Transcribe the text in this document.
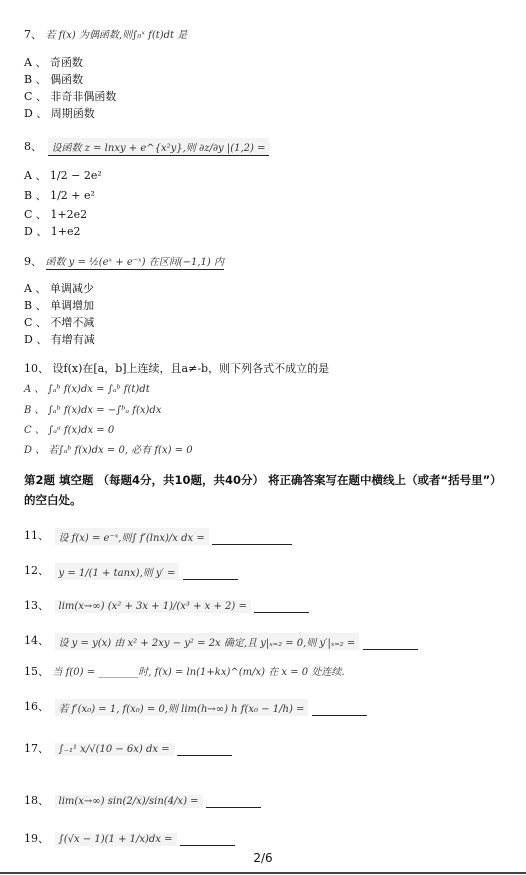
7、 若 f(x) 为偶函数,则∫₀ˣ f(t)dt 是
A 、 奇函数
B 、 偶函数
C 、 非奇非偶函数
D 、 周期函数
8、 设函数 z = lnxy + e^{x²y},则 ∂z/∂y |(1,2) =
A 、 1/2 − 2e²
B 、 1/2 + e²
C 、 1+2e2
D 、 1+e2
9、 函数 y = ½(eˣ + e⁻ˣ) 在区间(−1,1) 内
A 、 单调减少
B 、 单调增加
C 、 不增不减
D 、 有增有减
10、 设f(x)在[a，b]上连续，且a≠-b，则下列各式不成立的是
A 、 ∫ₐᵇ f(x)dx = ∫ₐᵇ f(t)dt
B 、 ∫ₐᵇ f(x)dx = −∫ᵇₐ f(x)dx
C 、 ∫ₐᵃ f(x)dx = 0
D 、 若∫ₐᵇ f(x)dx = 0, 必有 f(x) = 0
第2题 填空题 （每题4分，共10题，共40分） 将正确答案写在题中横线上（或者“括号里”）的空白处。
11、 设 f(x) = e⁻ˣ,则∫ f′(lnx)/x dx =
12、 y = 1/(1 + tanx),则 y′ =
13、 lim(x→∞) (x² + 3x + 1)/(x³ + x + 2) =
14、 设 y = y(x) 由 x² + 2xy − y² = 2x 确定,且 y|ₓ₌₂ = 0,则 y′|ₓ₌₂ =
15、 当 f(0) = ________时, f(x) = ln(1+kx)^(m/x) 在 x = 0 处连续.
16、 若 f′(x₀) = 1, f(x₀) = 0,则 lim(h→∞) h f(x₀ − 1/h) =
17、 ∫₋₁¹ x/√(10 − 6x) dx =
18、 lim(x→∞) sin(2/x)/sin(4/x) =
19、 ∫(√x − 1)(1 + 1/x)dx =
2/6
